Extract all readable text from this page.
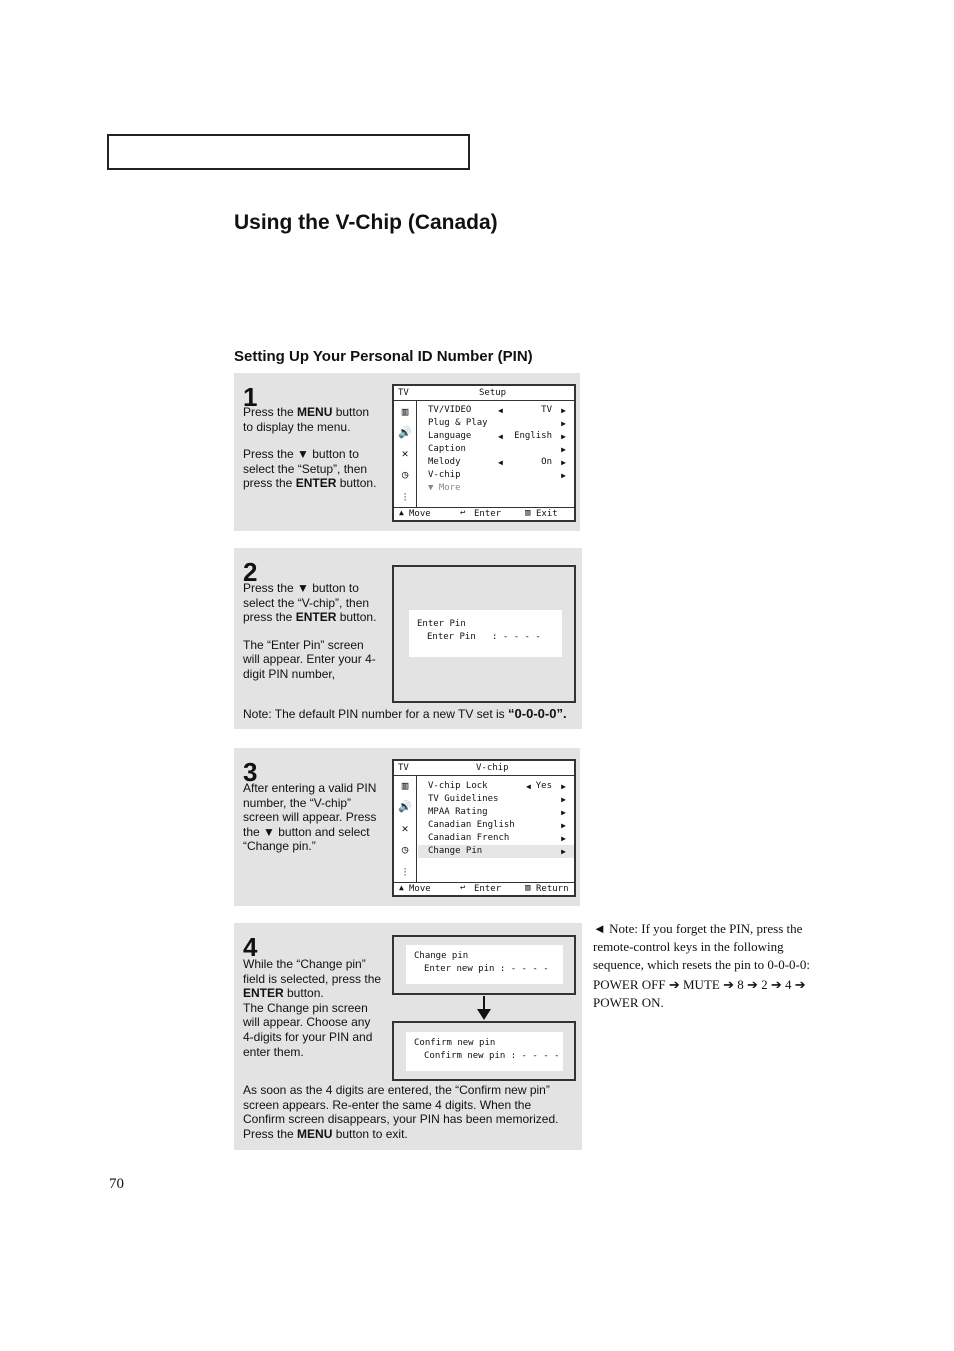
Using the V-Chip (Canada)
Setting Up Your Personal ID Number (PIN)
1
Press the MENU button to display the menu.
Press the ▼ button to select the “Setup”, then press the ENTER button.
TV	Setup
▥
🔊
✕
◷
⫶
TV/VIDEO	◀	TV ▶
Plug & Play	▶
Language	◀ English ▶
Caption	▶
Melody	◀	On ▶
V-chip	▶
▼ More
▲ Move	↩ Enter	▥ Exit
2
Press the ▼ button to select the “V-chip”, then press the ENTER button.
The “Enter Pin” screen will appear. Enter your 4-digit PIN number,
Enter Pin
Enter Pin   : - - - -
Note: The default PIN number for a new TV set is “0-0-0-0”.
3
After entering a valid PIN number, the “V-chip” screen will appear. Press the ▼ button and select “Change pin.”
TV	V-chip
▥
🔊
✕
◷
⫶
V-chip Lock	◀ Yes ▶
TV Guidelines	▶
MPAA Rating	▶
Canadian English	▶
Canadian French	▶
Change Pin	▶
▲ Move	↩ Enter	▥ Return
4
While the “Change pin” field is selected, press the ENTER button.
The Change pin screen will appear. Choose any 4-digits for your PIN and enter them.
Change pin
Enter new pin : - - - -
Confirm new pin
Confirm new pin : - - - -
As soon as the 4 digits are entered, the “Confirm new pin” screen appears. Re-enter the same 4 digits. When the Confirm screen disappears, your PIN has been memorized.
Press the MENU button to exit.
◄ Note: If you forget the PIN, press the remote-control keys in the following sequence, which resets the pin to 0-0-0-0:
POWER OFF ➔ MUTE ➔ 8 ➔ 2 ➔ 4 ➔ POWER ON.
70
